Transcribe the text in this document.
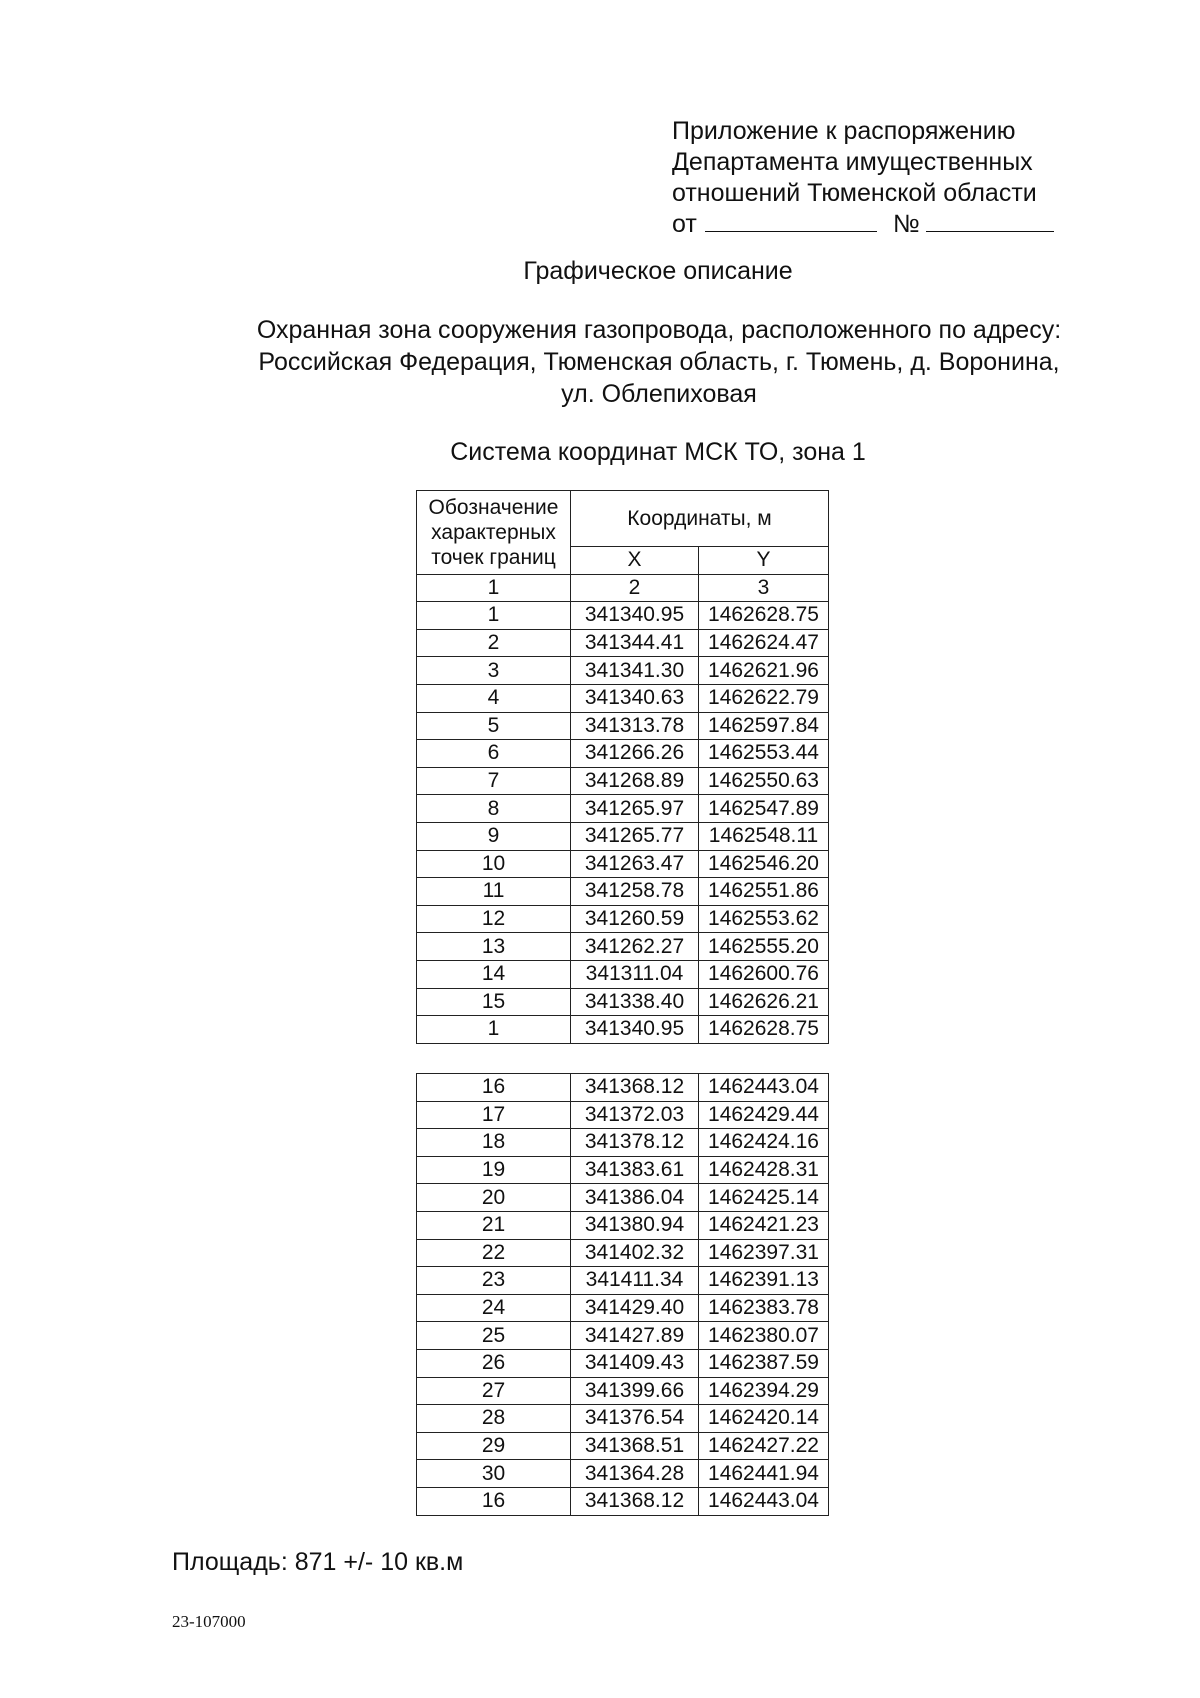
Приложение к распоряжению
Департамента имущественных
отношений Тюменской области
от	№
Графическое описание
Охранная зона сооружения газопровода, расположенного по адресу:
Российская Федерация, Тюменская область, г. Тюмень, д. Воронина,
ул. Облепиховая
Система координат МСК ТО, зона 1
Обозначение
характерных
точек границ	Координаты, м	
	X	Y
1	2	3
1	341340.95	1462628.75
2	341344.41	1462624.47
3	341341.30	1462621.96
4	341340.63	1462622.79
5	341313.78	1462597.84
6	341266.26	1462553.44
7	341268.89	1462550.63
8	341265.97	1462547.89
9	341265.77	1462548.11
10	341263.47	1462546.20
11	341258.78	1462551.86
12	341260.59	1462553.62
13	341262.27	1462555.20
14	341311.04	1462600.76
15	341338.40	1462626.21
1	341340.95	1462628.75
16	341368.12	1462443.04
17	341372.03	1462429.44
18	341378.12	1462424.16
19	341383.61	1462428.31
20	341386.04	1462425.14
21	341380.94	1462421.23
22	341402.32	1462397.31
23	341411.34	1462391.13
24	341429.40	1462383.78
25	341427.89	1462380.07
26	341409.43	1462387.59
27	341399.66	1462394.29
28	341376.54	1462420.14
29	341368.51	1462427.22
30	341364.28	1462441.94
16	341368.12	1462443.04
Площадь: 871 +/- 10 кв.м
23-107000
